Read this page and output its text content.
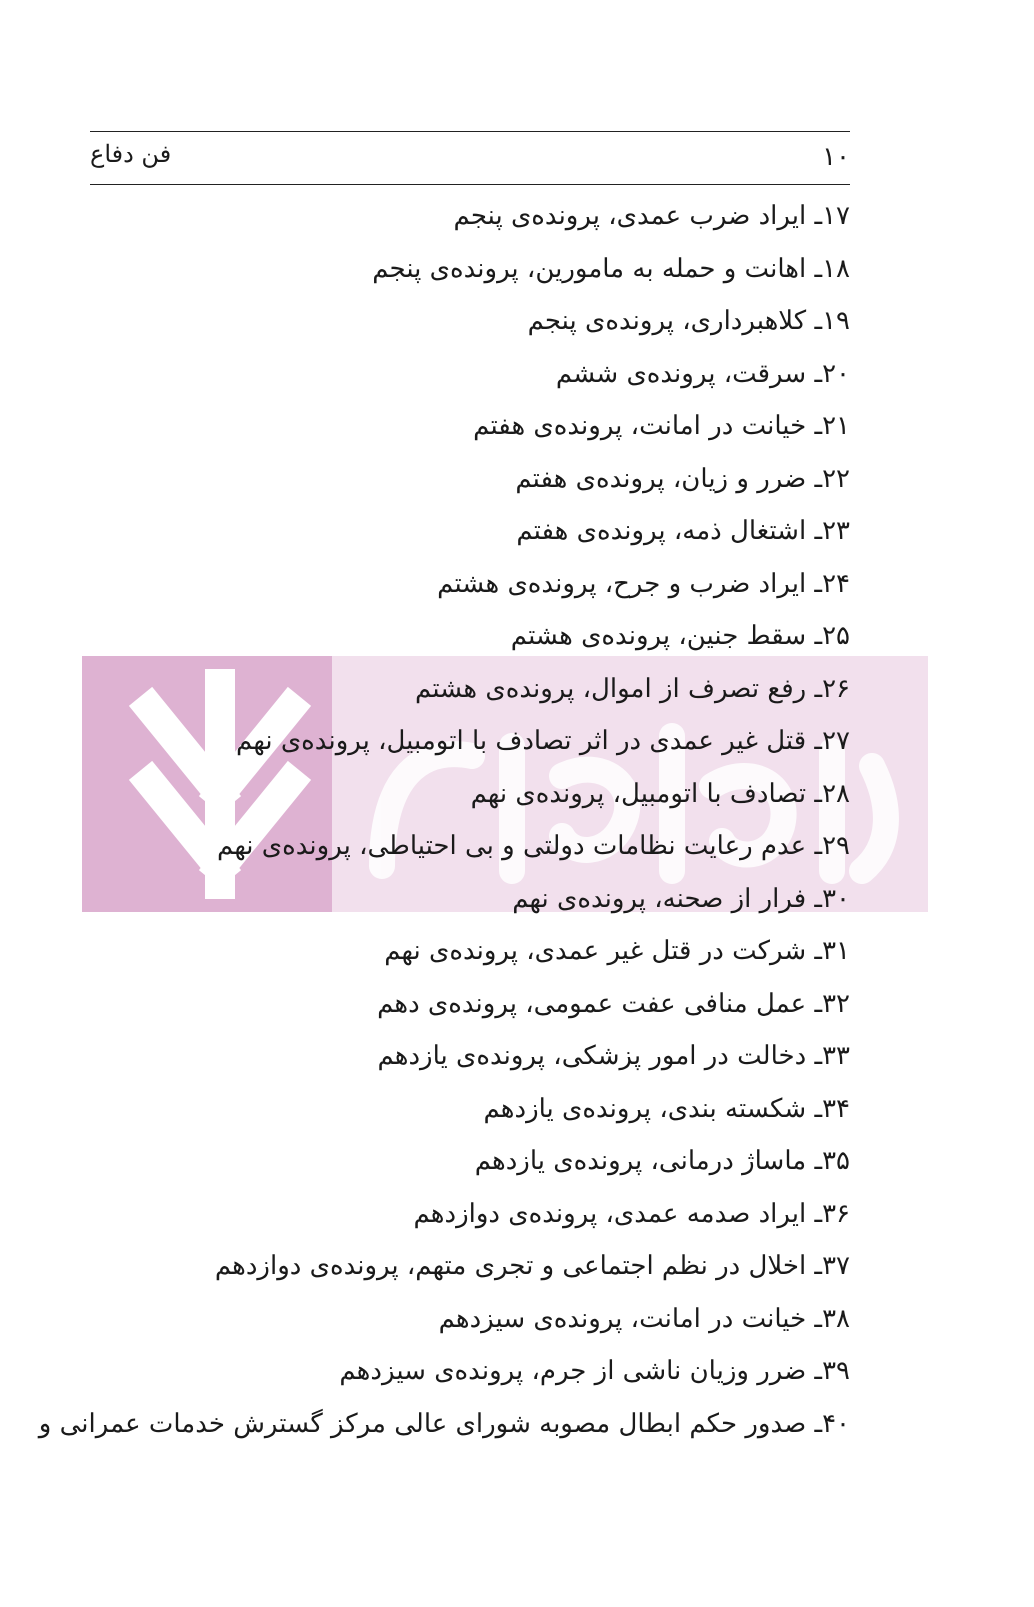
۱۰
فن دفاع
۱۷ـ ایراد ضرب عمدی، پرونده‌ی پنجم
۱۸ـ اهانت و حمله به مامورین، پرونده‌ی پنجم
۱۹ـ کلاهبرداری، پرونده‌ی پنجم
۲۰ـ سرقت، پرونده‌ی ششم
۲۱ـ خیانت در امانت، پرونده‌ی هفتم
۲۲ـ ضرر و زیان، پرونده‌ی هفتم
۲۳ـ اشتغال ذمه، پرونده‌ی هفتم
۲۴ـ ایراد ضرب و جرح، پرونده‌ی هشتم
۲۵ـ سقط جنین، پرونده‌ی هشتم
۲۶ـ رفع تصرف از اموال، پرونده‌ی هشتم
۲۷ـ قتل غیر عمدی در اثر تصادف با اتومبیل، پرونده‌ی نهم
۲۸ـ تصادف با اتومبیل، پرونده‌ی نهم
۲۹ـ عدم رعایت نظامات دولتی و بی احتیاطی، پرونده‌ی نهم
۳۰ـ فرار از صحنه، پرونده‌ی نهم
۳۱ـ شرکت در قتل غیر عمدی، پرونده‌ی نهم
۳۲ـ عمل منافی عفت عمومی، پرونده‌ی دهم
۳۳ـ دخالت در امور پزشکی، پرونده‌ی یازدهم
۳۴ـ شکسته بندی، پرونده‌ی یازدهم
۳۵ـ ماساژ درمانی، پرونده‌ی یازدهم
۳۶ـ ایراد صدمه عمدی، پرونده‌ی دوازدهم
۳۷ـ اخلال در نظم اجتماعی و تجری متهم، پرونده‌ی دوازدهم
۳۸ـ خیانت در امانت، پرونده‌ی سیزدهم
۳۹ـ ضرر وزیان ناشی از جرم، پرونده‌ی سیزدهم
۴۰ـ صدور حکم ابطال مصوبه شورای عالی مرکز گسترش خدمات عمرانی و
